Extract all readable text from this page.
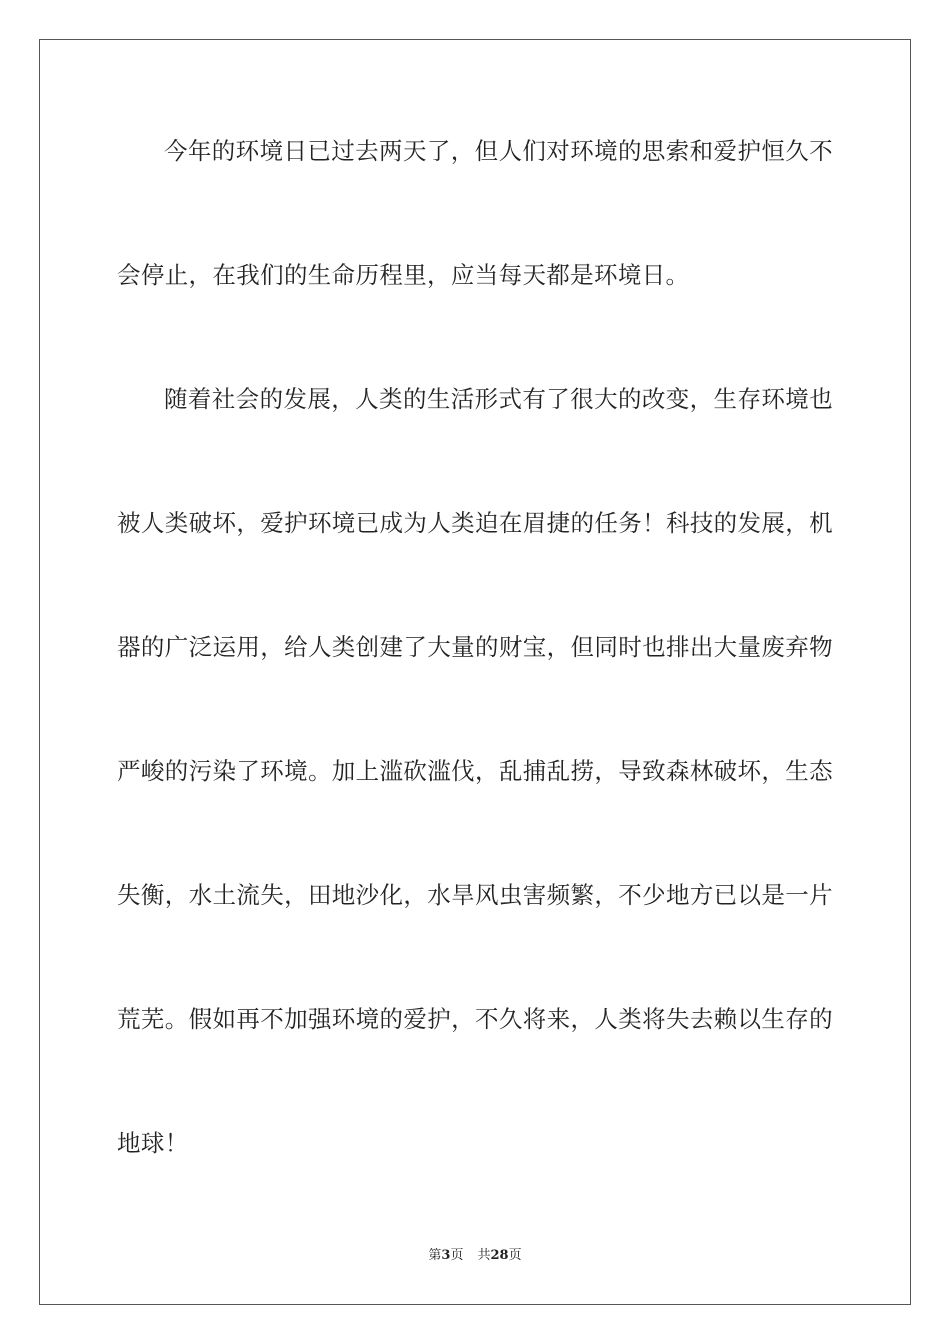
今年的环境日已过去两天了，但人们对环境的思索和爱护恒久不
会停止，在我们的生命历程里，应当每天都是环境日。
随着社会的发展，人类的生活形式有了很大的改变，生存环境也
被人类破坏，爱护环境已成为人类迫在眉捷的任务！科技的发展，机
器的广泛运用，给人类创建了大量的财宝，但同时也排出大量废弃物
严峻的污染了环境。加上滥砍滥伐，乱捕乱捞，导致森林破坏，生态
失衡，水土流失，田地沙化，水旱风虫害频繁，不少地方已以是一片
荒芜。假如再不加强环境的爱护，不久将来，人类将失去赖以生存的
地球！
第3页 共28页
